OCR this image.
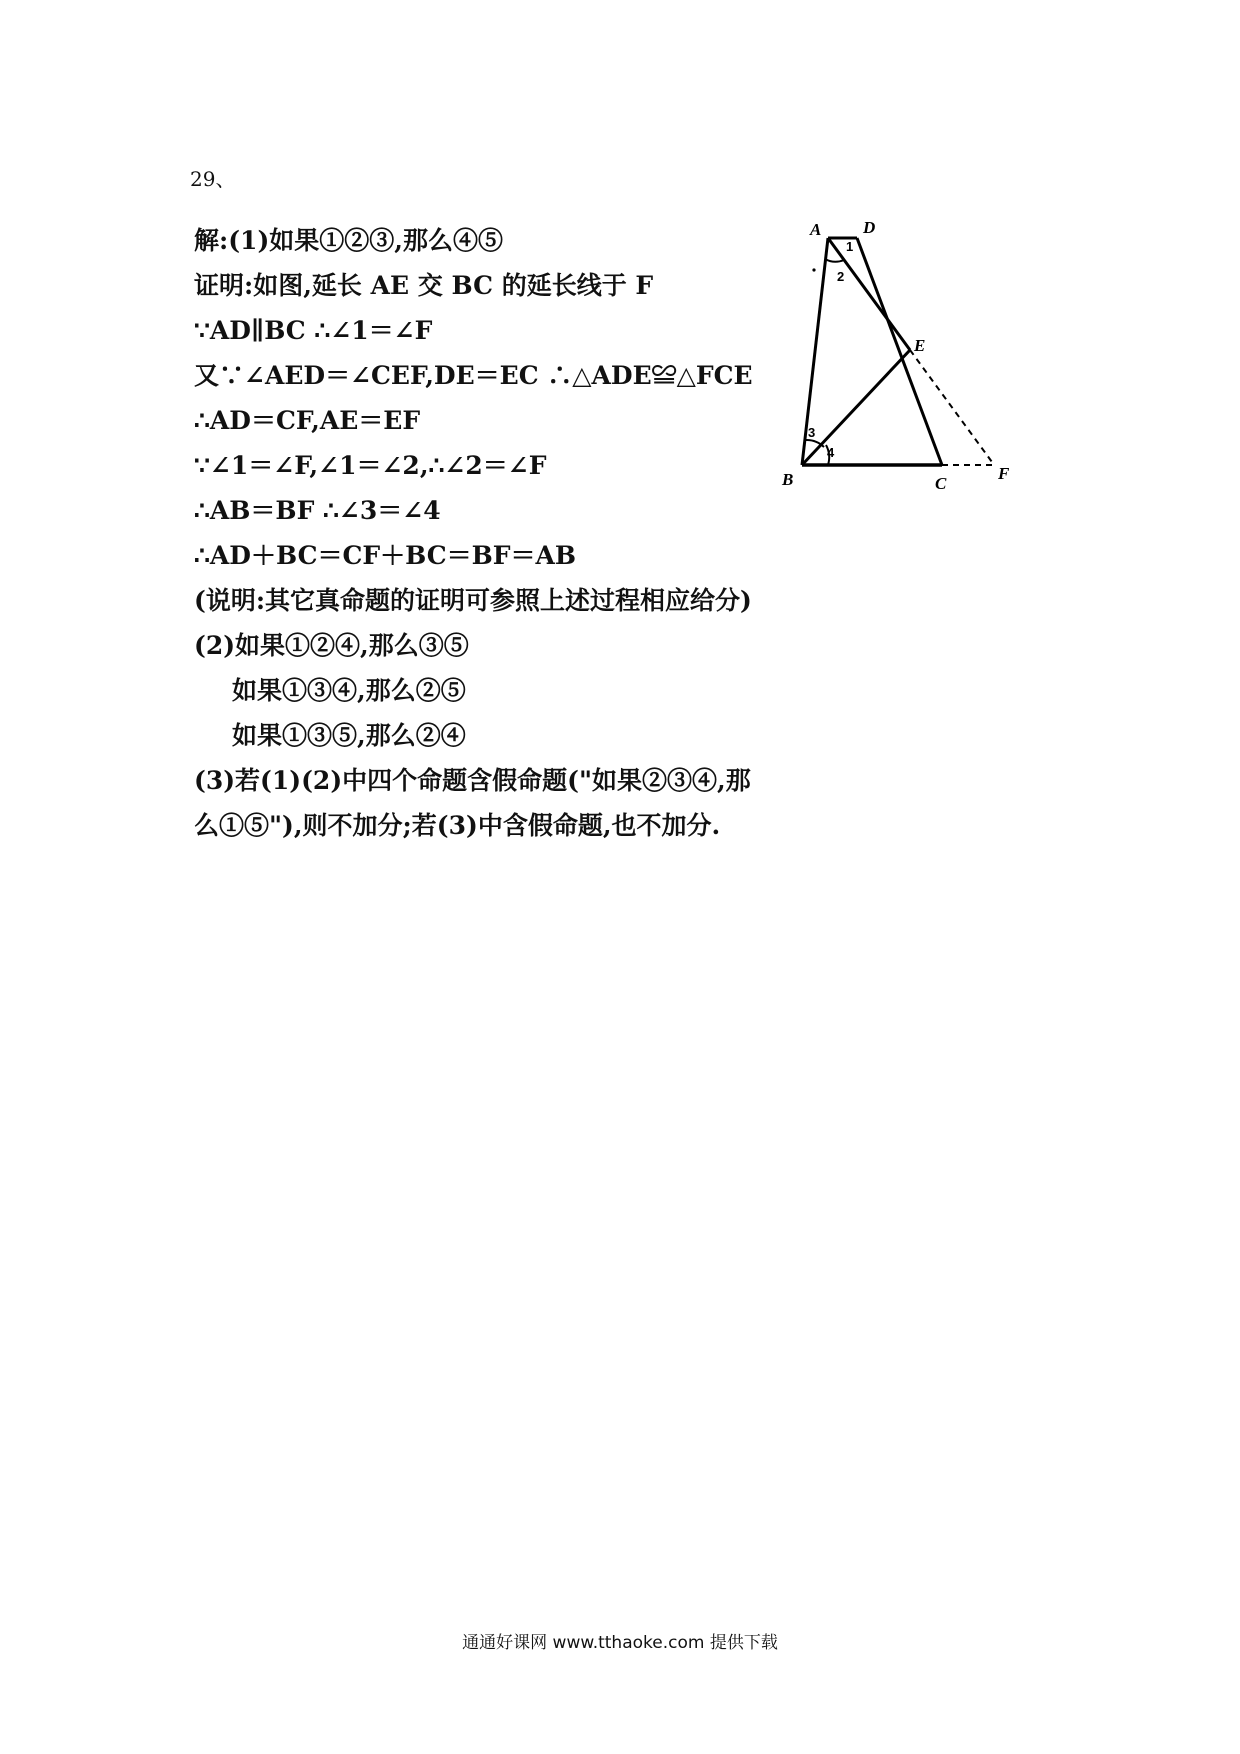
29、
解:(1)如果①②③,那么④⑤
证明:如图,延长 AE 交 BC 的延长线于 F
∵AD∥BC ∴∠1＝∠F
又∵∠AED＝∠CEF,DE＝EC ∴△ADE≌△FCE
∴AD＝CF,AE＝EF
∵∠1＝∠F,∠1＝∠2,∴∠2＝∠F
∴AB＝BF ∴∠3＝∠4
∴AD＋BC＝CF＋BC＝BF＝AB
(说明:其它真命题的证明可参照上述过程相应给分)
(2)如果①②④,那么③⑤
如果①③④,那么②⑤
如果①③⑤,那么②④
(3)若(1)(2)中四个命题含假命题("如果②③④,那
么①⑤"),则不加分;若(3)中含假命题,也不加分.
A D
E
B	C
F
1
2
3
4
通通好课网 www.tthaoke.com 提供下载
